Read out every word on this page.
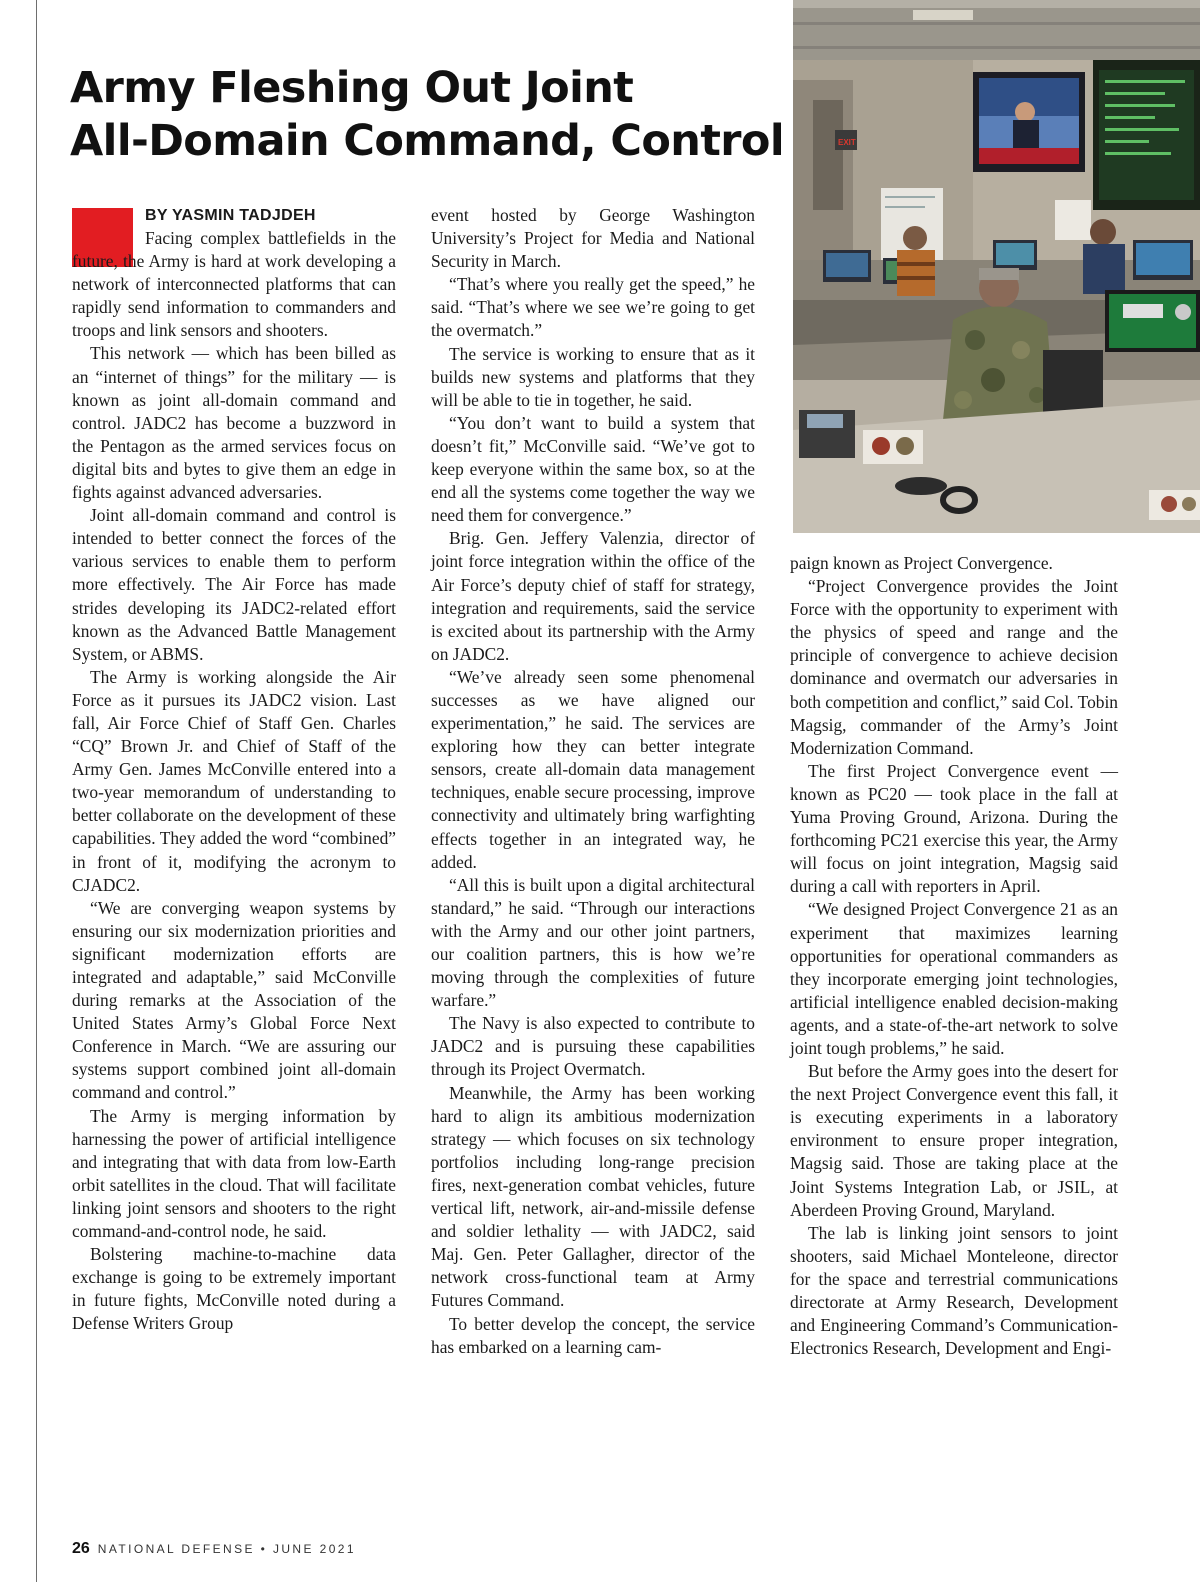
Army Fleshing Out Joint
All-Domain Command, Control	EXIT
BY YASMIN TADJDEH

Facing complex battlefields in the future, the Army is hard at work developing a network of interconnected platforms that can rapidly send information to commanders and troops and link sensors and shooters.

This network — which has been billed as an “internet of things” for the military — is known as joint all-domain command and control. JADC2 has become a buzzword in the Pentagon as the armed services focus on digital bits and bytes to give them an edge in fights against advanced adversaries.

Joint all-domain command and control is intended to better connect the forces of the various services to enable them to perform more effectively. The Air Force has made strides developing its JADC2-related effort known as the Advanced Battle Management System, or ABMS.

The Army is working alongside the Air Force as it pursues its JADC2 vision. Last fall, Air Force Chief of Staff Gen. Charles “CQ” Brown Jr. and Chief of Staff of the Army Gen. James McConville entered into a two-year memorandum of understanding to better collaborate on the development of these capabilities. They added the word “combined” in front of it, modifying the acronym to CJADC2.

“We are converging weapon systems by ensuring our six modernization priorities and significant modernization efforts are integrated and adaptable,” said McConville during remarks at the Association of the United States Army’s Global Force Next Conference in March. “We are assuring our systems support combined joint all-domain command and control.”

The Army is merging information by harnessing the power of artificial intelligence and integrating that with data from low-Earth orbit satellites in the cloud. That will facilitate linking joint sensors and shooters to the right command-and-control node, he said.

Bolstering machine-to-machine data exchange is going to be extremely important in future fights, McConville noted during a Defense Writers Group

event hosted by George Washington University’s Project for Media and National Security in March.

“That’s where you really get the speed,” he said. “That’s where we see we’re going to get the overmatch.”

The service is working to ensure that as it builds new systems and platforms that they will be able to tie in together, he said.

“You don’t want to build a system that doesn’t fit,” McConville said. “We’ve got to keep everyone within the same box, so at the end all the systems come together the way we need them for convergence.”

Brig. Gen. Jeffery Valenzia, director of joint force integration within the office of the Air Force’s deputy chief of staff for strategy, integration and requirements, said the service is excited about its partnership with the Army on JADC2.

“We’ve already seen some phenomenal successes as we have aligned our experimentation,” he said. The services are exploring how they can better integrate sensors, create all-domain data management techniques, enable secure processing, improve connectivity and ultimately bring warfighting effects together in an integrated way, he added.

“All this is built upon a digital architectural standard,” he said. “Through our interactions with the Army and our other joint partners, our coalition partners, this is how we’re moving through the complexities of future warfare.”

The Navy is also expected to contribute to JADC2 and is pursuing these capabilities through its Project Overmatch.

Meanwhile, the Army has been working hard to align its ambitious modernization strategy — which focuses on six technology portfolios including long-range precision fires, next-generation combat vehicles, future vertical lift, network, air-and-missile defense and soldier lethality — with JADC2, said Maj. Gen. Peter Gallagher, director of the network cross-functional team at Army Futures Command.

To better develop the concept, the service has embarked on a learning cam-

paign known as Project Convergence.

“Project Convergence provides the Joint Force with the opportunity to experiment with the physics of speed and range and the principle of convergence to achieve decision dominance and overmatch our adversaries in both competition and conflict,” said Col. Tobin Magsig, commander of the Army’s Joint Modernization Command.

The first Project Convergence event — known as PC20 — took place in the fall at Yuma Proving Ground, Arizona. During the forthcoming PC21 exercise this year, the Army will focus on joint integration, Magsig said during a call with reporters in April.

“We designed Project Convergence 21 as an experiment that maximizes learning opportunities for operational commanders as they incorporate emerging joint technologies, artificial intelligence enabled decision-making agents, and a state-of-the-art network to solve joint tough problems,” he said.

But before the Army goes into the desert for the next Project Convergence event this fall, it is executing experiments in a laboratory environment to ensure proper integration, Magsig said. Those are taking place at the Joint Systems Integration Lab, or JSIL, at Aberdeen Proving Ground, Maryland.

The lab is linking joint sensors to joint shooters, said Michael Monteleone, director for the space and terrestrial communications directorate at Army Research, Development and Engineering Command’s Communication-Electronics Research, Development and Engi-

26 NATIONAL DEFENSE • JUNE 2021
